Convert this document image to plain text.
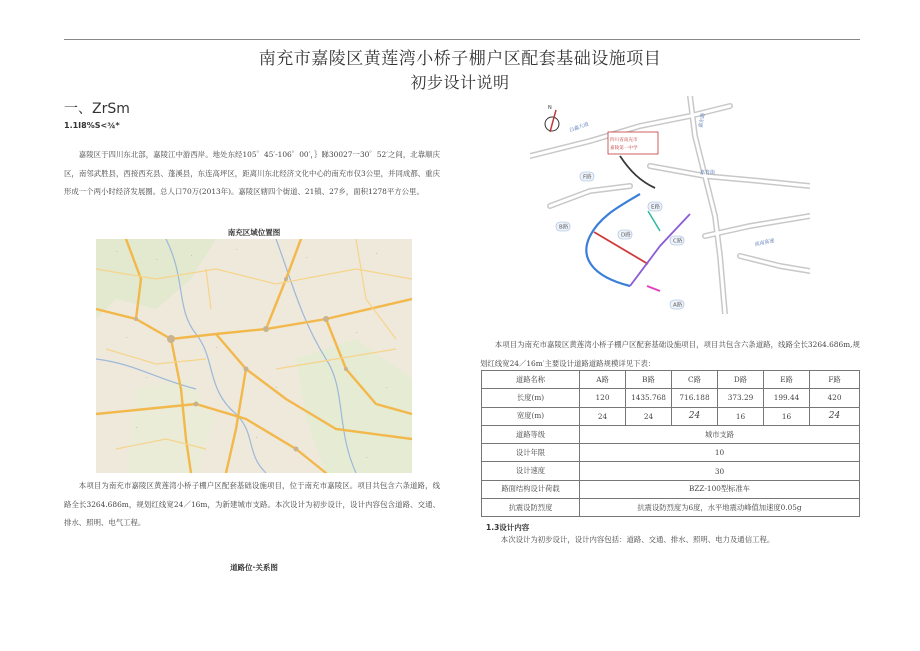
南充市嘉陵区黄莲湾小桥子棚户区配套基础设施项目
初步设计说明
一、ZrSm
1.1I8%S<¾*
嘉陵区于四川东北部，嘉陵江中游西岸。地处东经105゜45′-106゜00′，｝睇30027一30゜52′之间，北靠顺庆区，南邻武胜县，西接西充县、蓬溪县，东连高坪区，距离川东北经济文化中心的南充市仅3公里，并同成都、重庆形成一个两小时经济发展圈。总人口70万(2013年)。嘉陵区辖四个街道、21镇、27乡，面积1278平方公里。
南充区域位置图
·
·
·
·
·
·
·
·
·
·
·	·
·
·
·
本项目为南充市嘉陵区黄莲湾小桥子棚户区配套基础设施项目，位于南充市嘉陵区。项目共包含六条道路，线路全长3264.686m，规划红线宽24／16m，为新建城市支路。本次设计为初步设计，设计内容包含道路、交通、排水、照明、电气工程。
道路位·关系图
N
四川省南充市
嘉陵第一中学
白鑫大道	嘉东路
嘉育街
成南高速
F路
E路
D路
C路
B路
A路
本项目为南充市嘉陵区黄莲湾小桥子棚户区配套基础设施项目，项目共包含六条道路，线路全长3264.686m,规划红线宽24／16m′主要设计道路道路规模详见下表：
道路名称	A路	B路	C路	D路	E路	F路
长度(m)	120	1435.768	716.188	373.29	199.44	420
宽度(m)	24	24	24	16	16	24
道路等级	城市支路					
设计年限	10					
设计速度	30					
路面结构设计荷载	BZZ-100型标准车					
抗震设防烈度	抗震设防烈度为6度，水平地震动峰值加速度0.05g					
1.3设计内容
本次设计为初步设计，设计内容包括：道路、交通、排水、照明、电力及通信工程。
